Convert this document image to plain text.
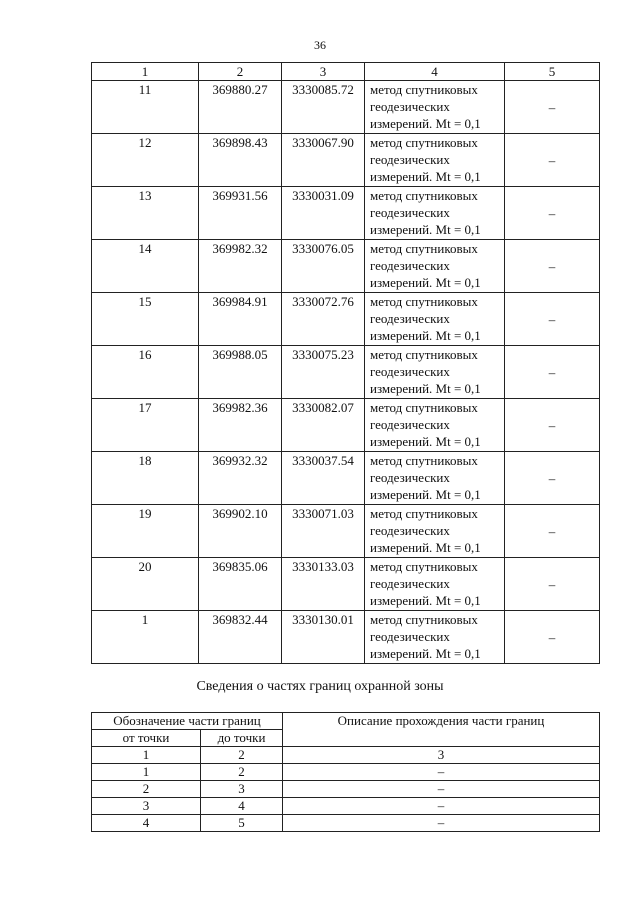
36
1	2	3	4	5
11	369880.27	3330085.72	метод спутниковых
геодезических
измерений. Mt = 0,1	–
12	369898.43	3330067.90	метод спутниковых
геодезических
измерений. Mt = 0,1	–
13	369931.56	3330031.09	метод спутниковых
геодезических
измерений. Mt = 0,1	–
14	369982.32	3330076.05	метод спутниковых
геодезических
измерений. Mt = 0,1	–
15	369984.91	3330072.76	метод спутниковых
геодезических
измерений. Mt = 0,1	–
16	369988.05	3330075.23	метод спутниковых
геодезических
измерений. Mt = 0,1	–
17	369982.36	3330082.07	метод спутниковых
геодезических
измерений. Mt = 0,1	–
18	369932.32	3330037.54	метод спутниковых
геодезических
измерений. Mt = 0,1	–
19	369902.10	3330071.03	метод спутниковых
геодезических
измерений. Mt = 0,1	–
20	369835.06	3330133.03	метод спутниковых
геодезических
измерений. Mt = 0,1	–
1	369832.44	3330130.01	метод спутниковых
геодезических
измерений. Mt = 0,1	–
Сведения о частях границ охранной зоны
Обозначение части границ		Описание прохождения части границ
от точки	до точки	
1	2	3
1	2	–
2	3	–
3	4	–
4	5	–
